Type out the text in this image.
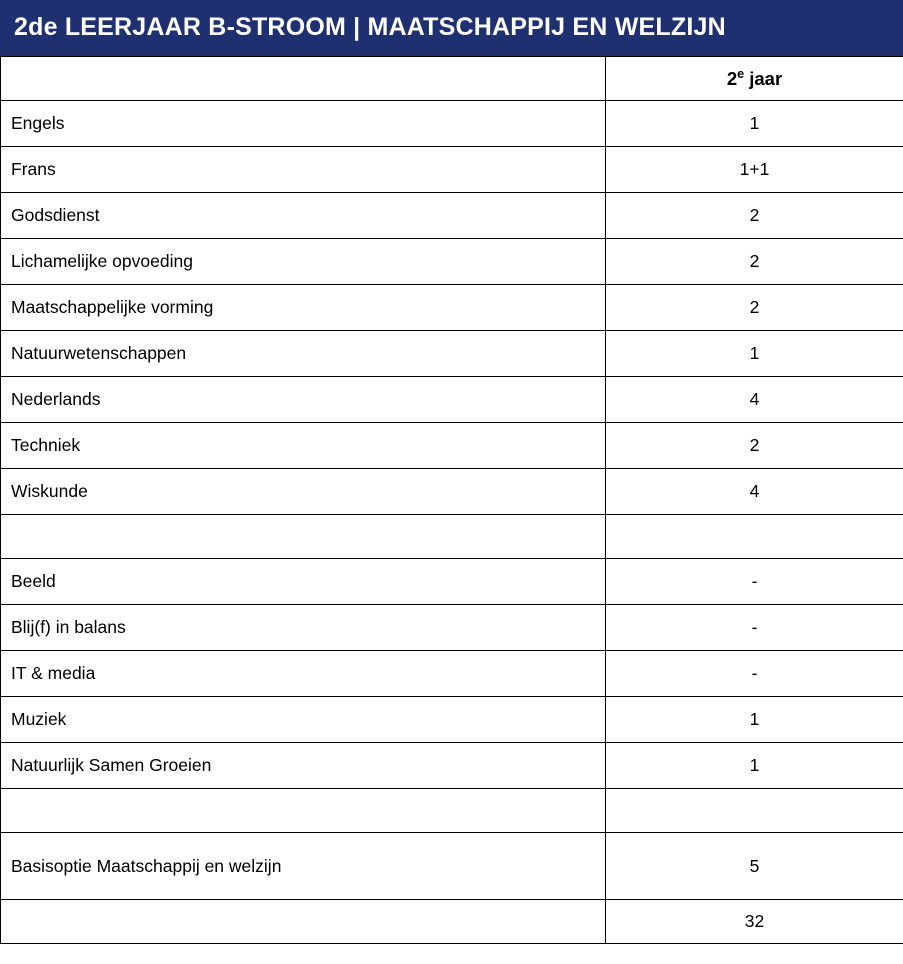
2de LEERJAAR B-STROOM | MAATSCHAPPIJ EN WELZIJN
	2e jaar
Engels	1
Frans	1+1
Godsdienst	2
Lichamelijke opvoeding	2
Maatschappelijke vorming	2
Natuurwetenschappen	1
Nederlands	4
Techniek	2
Wiskunde	4

Beeld	-
Blij(f) in balans	-
IT & media	-
Muziek	1
Natuurlijk Samen Groeien	1

Basisoptie Maatschappij en welzijn	5
	32
